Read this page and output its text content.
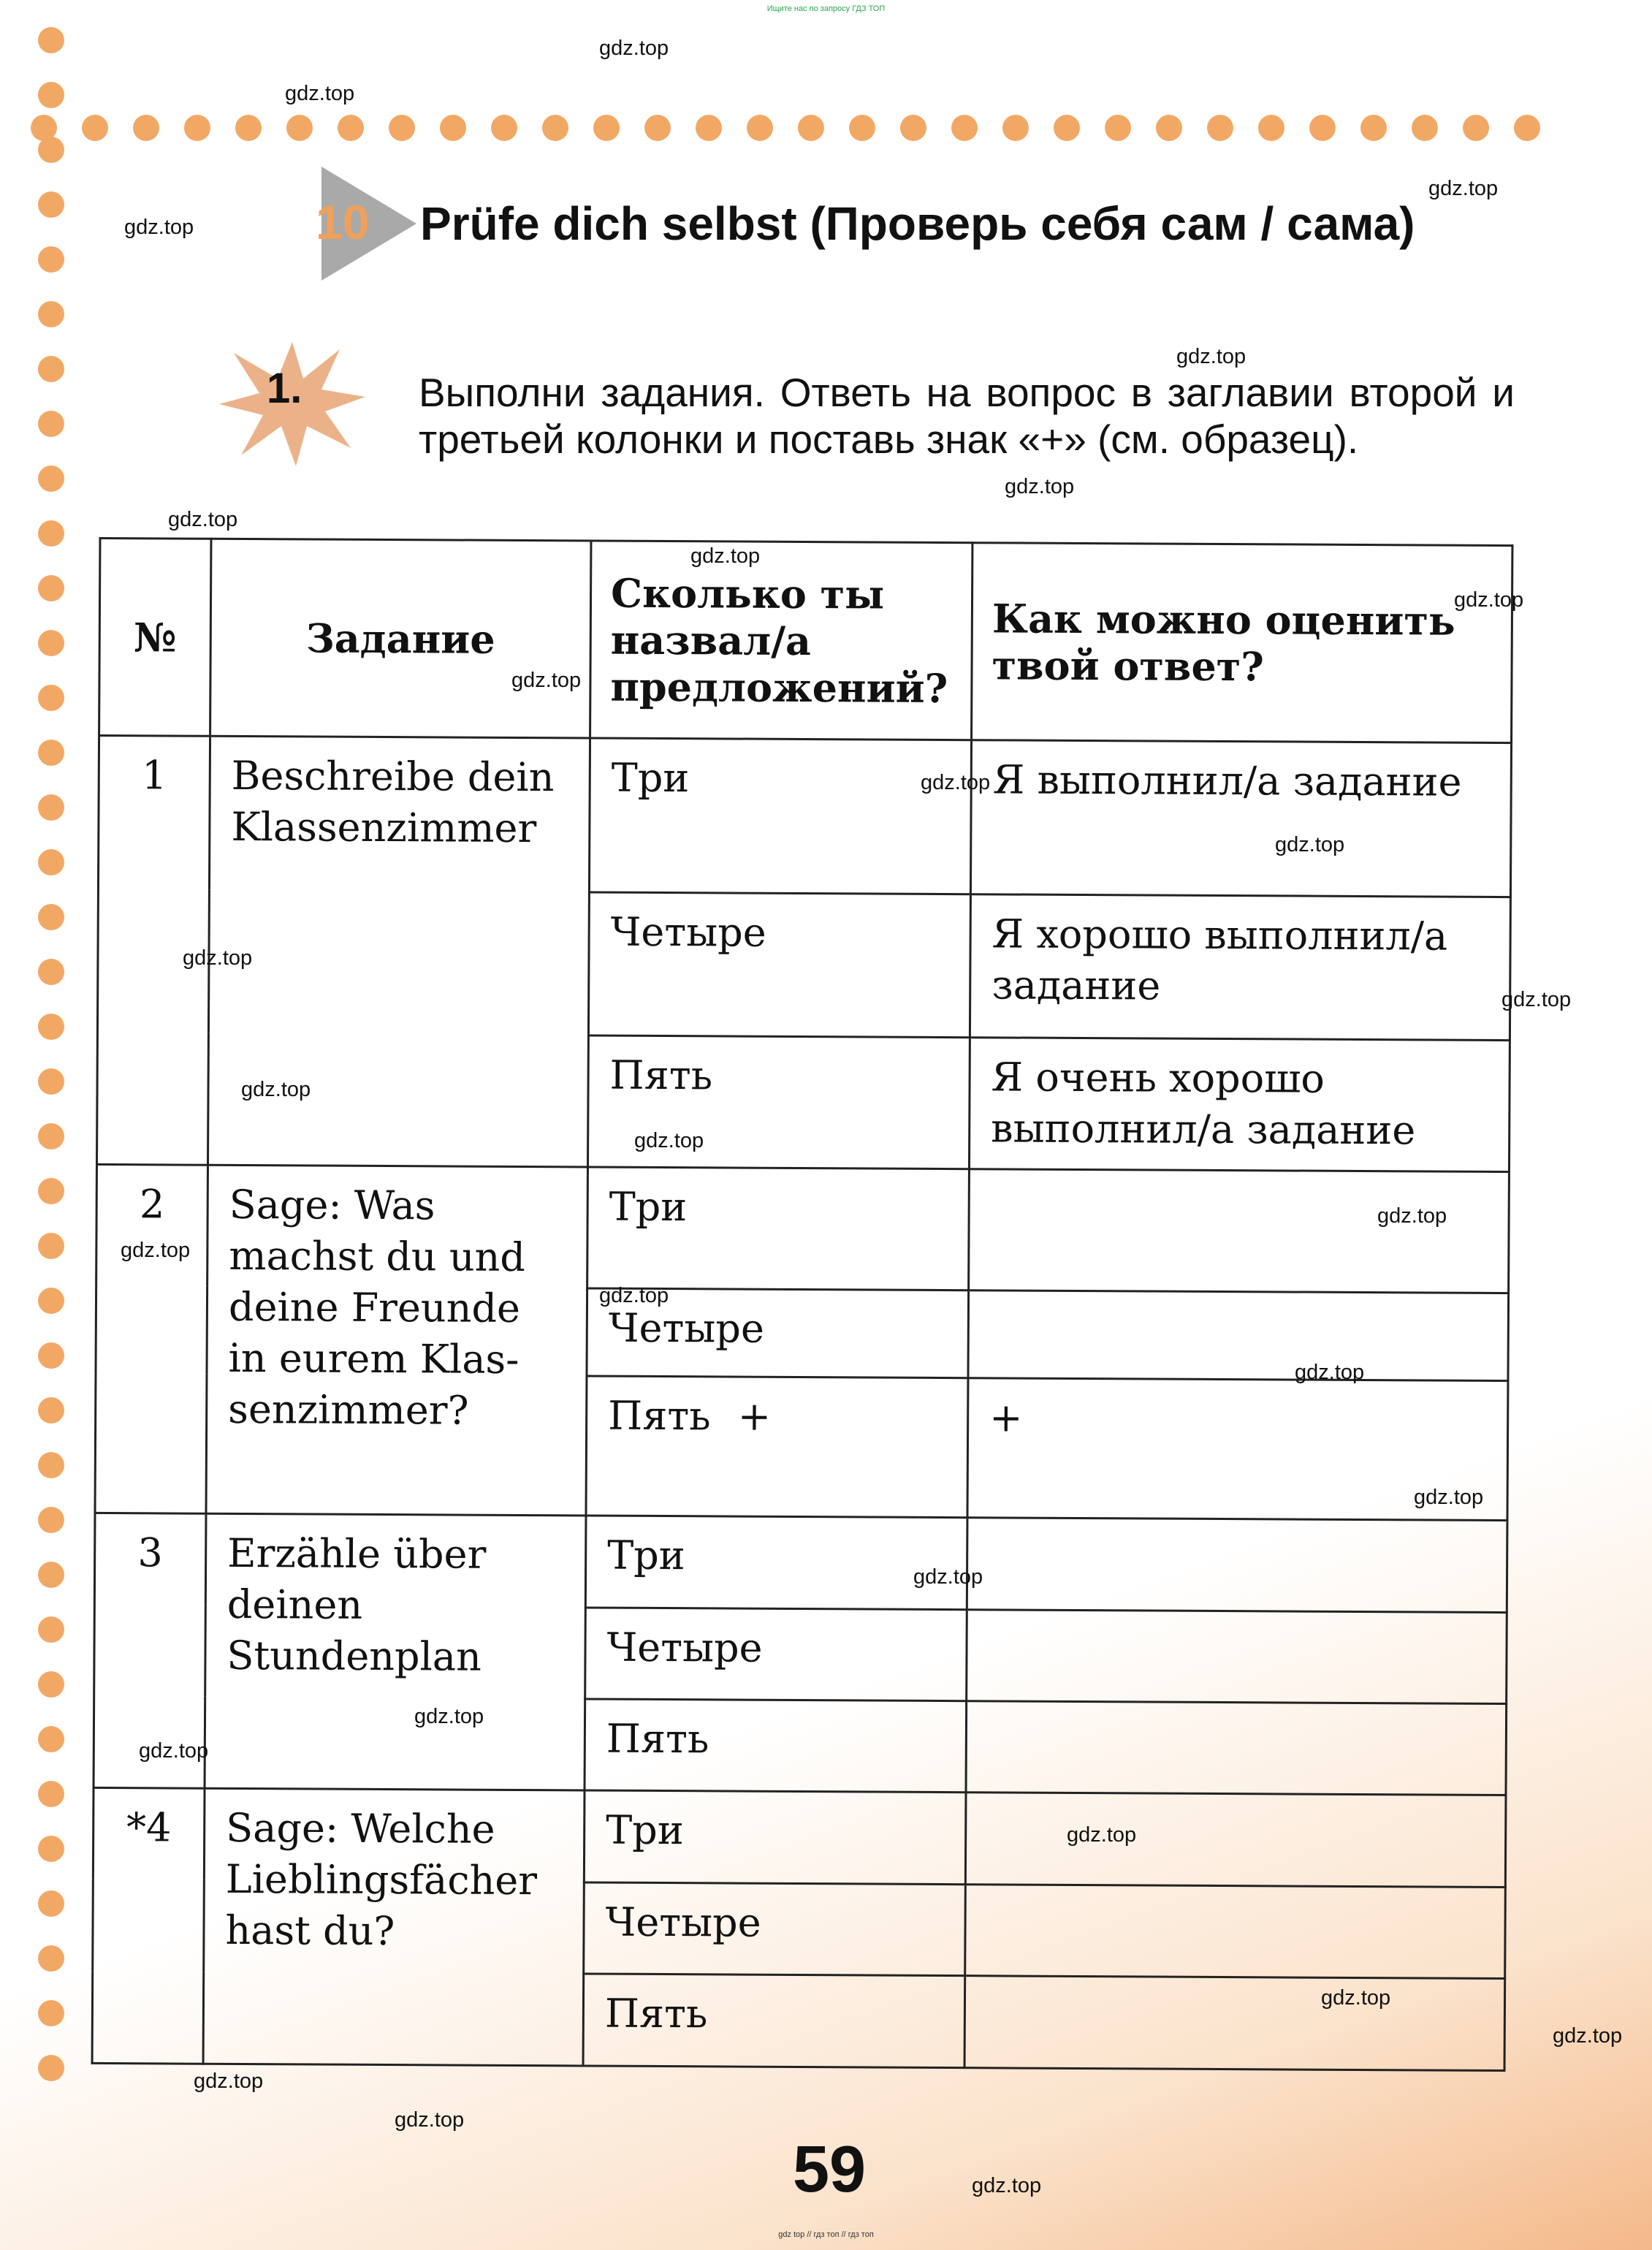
Ищите нас по запросу ГДЗ ТОП
10 Prüfe dich selbst (Проверь себя сам / сама)
1.	Выполни задания. Ответь на вопрос в заглавии второй и третьей колонки и поставь знак «+» (см. образец).
№	Задание	Сколько ты назвал/а предложений?	Как можно оценить твой ответ?
1	Beschreibe dein Klassenzimmer	Три	Я выполнил/а задание
		Четыре	Я хорошо выполнил/а задание
		Пять	Я очень хорошо выполнил/а задание
2	Sage: Was machst du und deine Freunde in eurem Klas-senzimmer?	Три	
		Четыре	
		Пять +	+
3	Erzähle über deinen Stundenplan	Три	
		Четыре	
		Пять	
*4	Sage: Welche Lieblingsfächer hast du?	Три	
		Четыре	
		Пять	
59
gdz.top
gdz.top
gdz.top
gdz.top
gdz.top
gdz.top
gdz.top
gdz.top
gdz.top
gdz.top
gdz.top
gdz.top
gdz.top
gdz.top
gdz.top
gdz.top
gdz.top
gdz.top
gdz.top
gdz.top
gdz.top
gdz.top
gdz.top
gdz.top
gdz.top
gdz.top
gdz.top
gdz.top
gdz.top
gdz.top
gdz top // гдз топ // гдз топ
